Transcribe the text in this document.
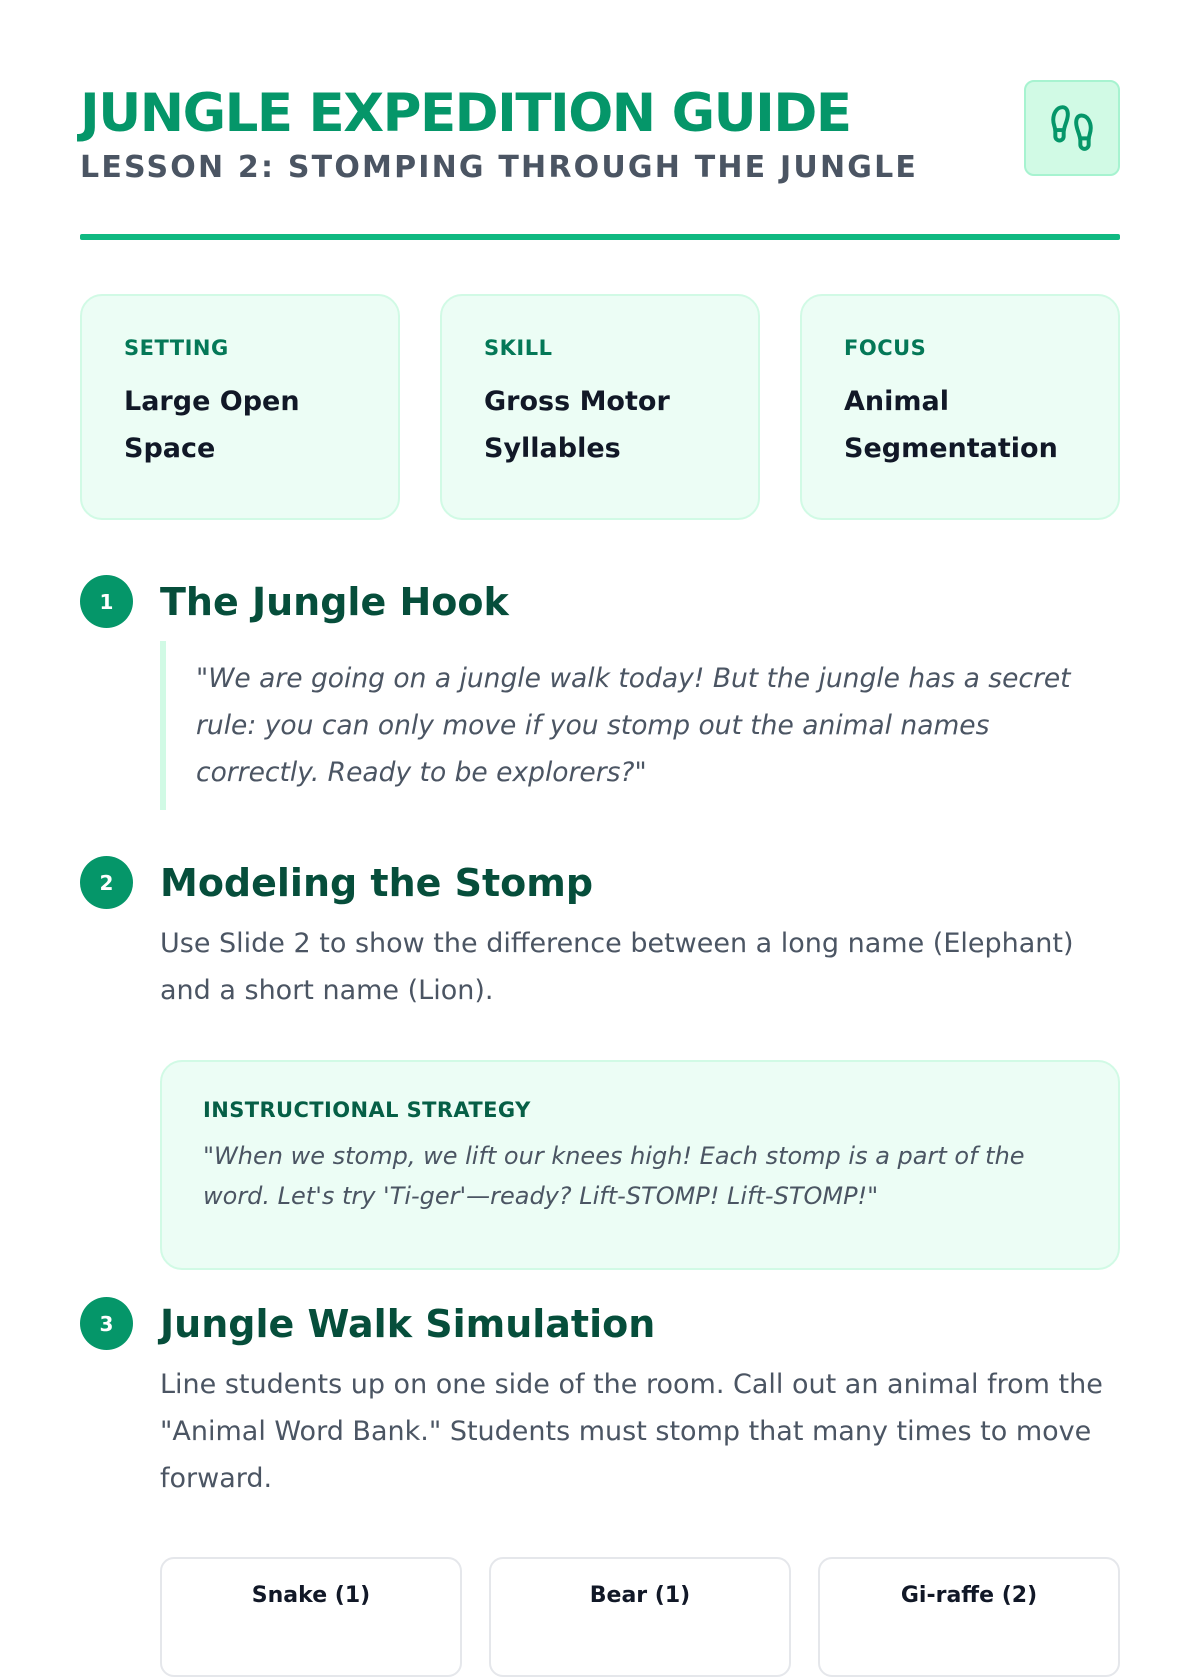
JUNGLE EXPEDITION GUIDE
LESSON 2: STOMPING THROUGH THE JUNGLE
SETTING
Large Open Space
SKILL
Gross Motor Syllables
FOCUS
Animal Segmentation
1	The Jungle Hook
"We are going on a jungle walk today! But the jungle has a secret rule: you can only move if you stomp out the animal names correctly. Ready to be explorers?"
2	Modeling the Stomp

Use Slide 2 to show the difference between a long name (Elephant) and a short name (Lion).

INSTRUCTIONAL STRATEGY
"When we stomp, we lift our knees high! Each stomp is a part of the word. Let's try 'Ti-ger'—ready? Lift-STOMP! Lift-STOMP!"
3	Jungle Walk Simulation

Line students up on one side of the room. Call out an animal from the "Animal Word Bank." Students must stomp that many times to move forward.

Snake (1)	Bear (1)	Gi-raffe (2)
